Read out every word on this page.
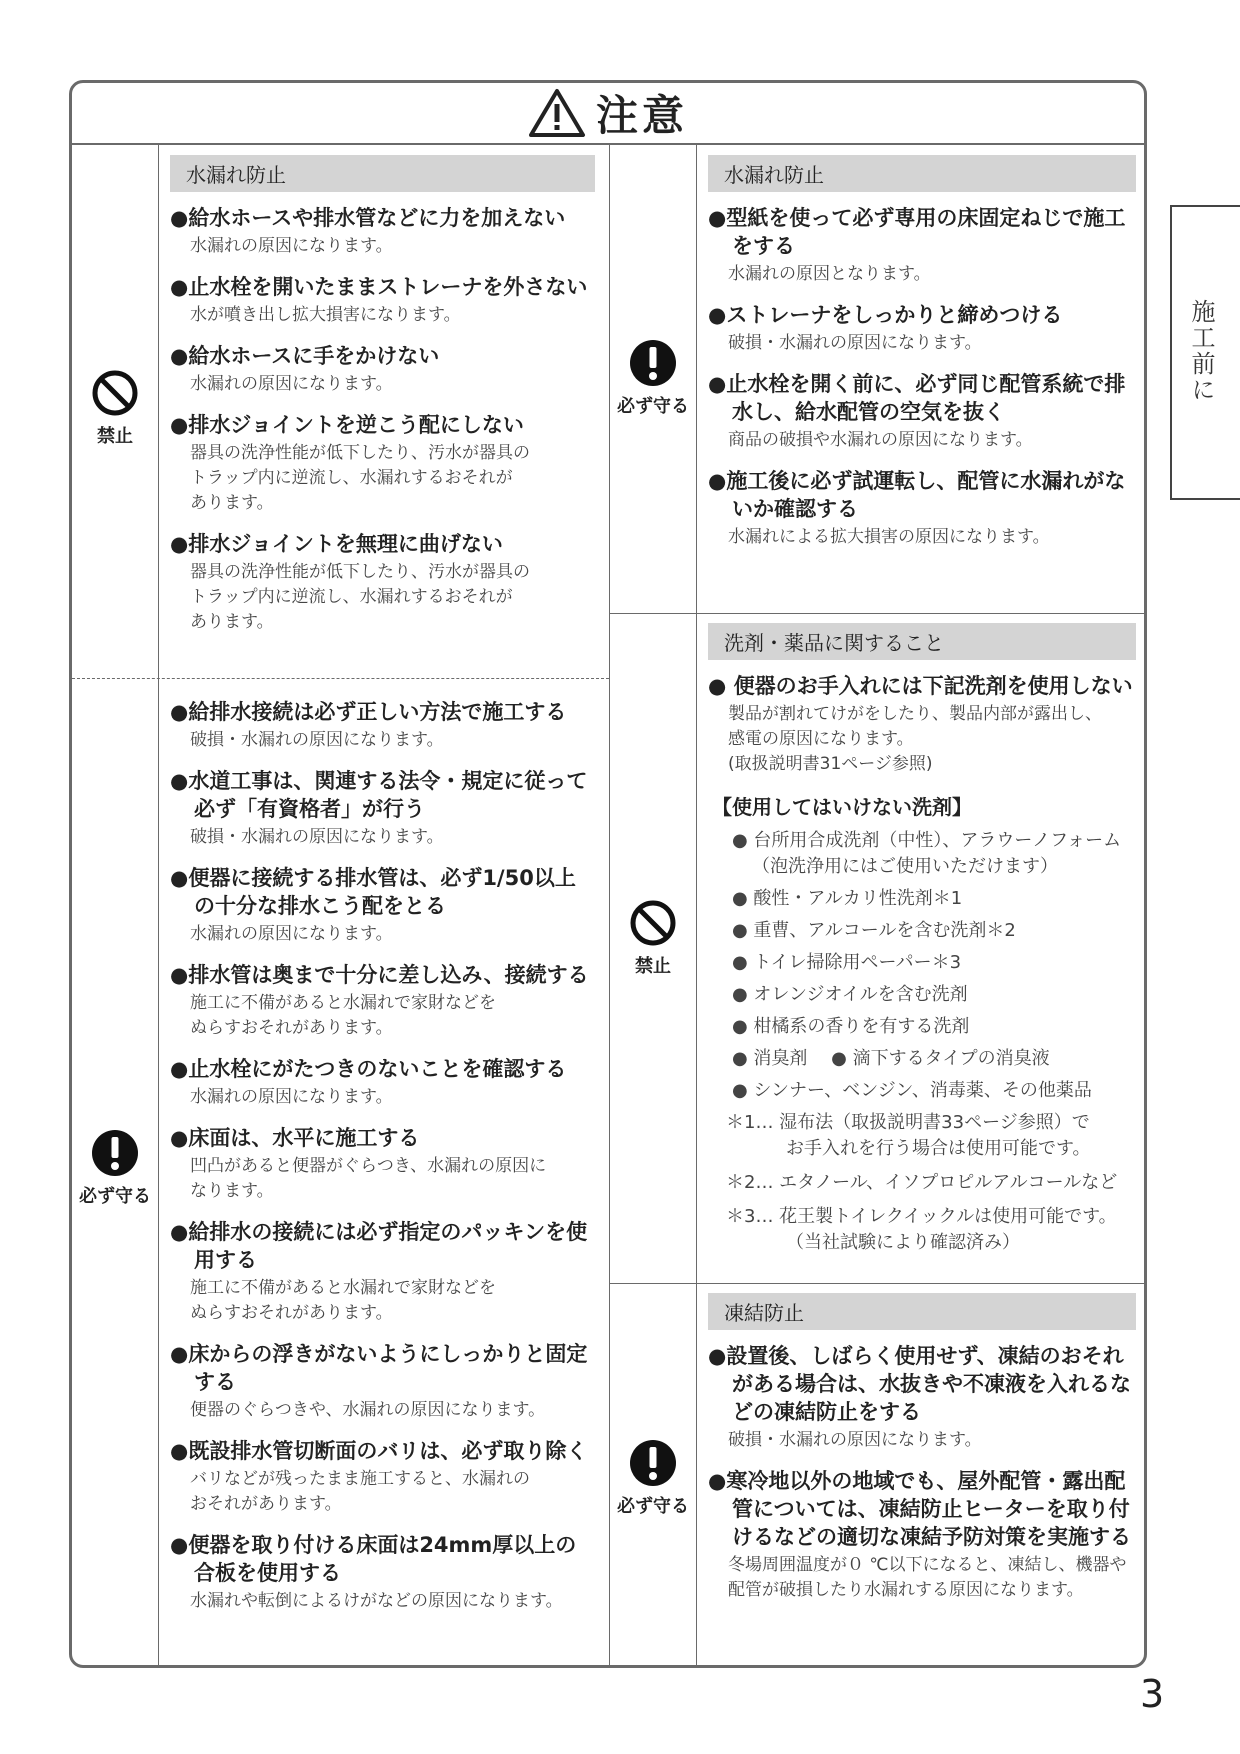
注意
禁止
必ず守る
必ず守る
禁止
必ず守る
水漏れ防止
●給水ホースや排水管などに力を加えない
水漏れの原因になります。
●止水栓を開いたままストレーナを外さない
水が噴き出し拡大損害になります。
●給水ホースに手をかけない
水漏れの原因になります。
●排水ジョイントを逆こう配にしない
器具の洗浄性能が低下したり、汚水が器具の
トラップ内に逆流し、水漏れするおそれが
あります。
●排水ジョイントを無理に曲げない
器具の洗浄性能が低下したり、汚水が器具の
トラップ内に逆流し、水漏れするおそれが
あります。
●給排水接続は必ず正しい方法で施工する
破損・水漏れの原因になります。
●水道工事は、関連する法令・規定に従って必ず「有資格者」が行う
破損・水漏れの原因になります。
●便器に接続する排水管は、必ず1/50以上の十分な排水こう配をとる
水漏れの原因になります。
●排水管は奥まで十分に差し込み、接続する
施工に不備があると水漏れで家財などを
ぬらすおそれがあります。
●止水栓にがたつきのないことを確認する
水漏れの原因になります。
●床面は、水平に施工する
凹凸があると便器がぐらつき、水漏れの原因に
なります。
●給排水の接続には必ず指定のパッキンを使用する
施工に不備があると水漏れで家財などを
ぬらすおそれがあります。
●床からの浮きがないようにしっかりと固定する
便器のぐらつきや、水漏れの原因になります。
●既設排水管切断面のバリは、必ず取り除く
バリなどが残ったまま施工すると、水漏れの
おそれがあります。
●便器を取り付ける床面は24mm厚以上の合板を使用する
水漏れや転倒によるけがなどの原因になります。
水漏れ防止
●型紙を使って必ず専用の床固定ねじで施工をする
水漏れの原因となります。
●ストレーナをしっかりと締めつける
破損・水漏れの原因になります。
●止水栓を開く前に、必ず同じ配管系統で排水し、給水配管の空気を抜く
商品の破損や水漏れの原因になります。
●施工後に必ず試運転し、配管に水漏れがないか確認する
水漏れによる拡大損害の原因になります。
洗剤・薬品に関すること
● 便器のお手入れには下記洗剤を使用しない
製品が割れてけがをしたり、製品内部が露出し、
感電の原因になります。
(取扱説明書31ページ参照)
【使用してはいけない洗剤】
● 台所用合成洗剤（中性）、アラウーノフォーム
（泡洗浄用にはご使用いただけます）
● 酸性・アルカリ性洗剤＊1
● 重曹、アルコールを含む洗剤＊2
● トイレ掃除用ペーパー＊3
● オレンジオイルを含む洗剤
● 柑橘系の香りを有する洗剤
● 消臭剤　 ● 滴下するタイプの消臭液
● シンナー、ベンジン、消毒薬、その他薬品
＊1… 湿布法（取扱説明書33ページ参照）で
お手入れを行う場合は使用可能です。
＊2… エタノール、イソプロピルアルコールなど
＊3… 花王製トイレクイックルは使用可能です。
（当社試験により確認済み）
凍結防止
●設置後、しばらく使用せず、凍結のおそれがある場合は、水抜きや不凍液を入れるなどの凍結防止をする
破損・水漏れの原因になります。
●寒冷地以外の地域でも、屋外配管・露出配管については、凍結防止ヒーターを取り付けるなどの適切な凍結予防対策を実施する
冬場周囲温度が０ ℃以下になると、凍結し、機器や
配管が破損したり水漏れする原因になります。
施工前に
3
